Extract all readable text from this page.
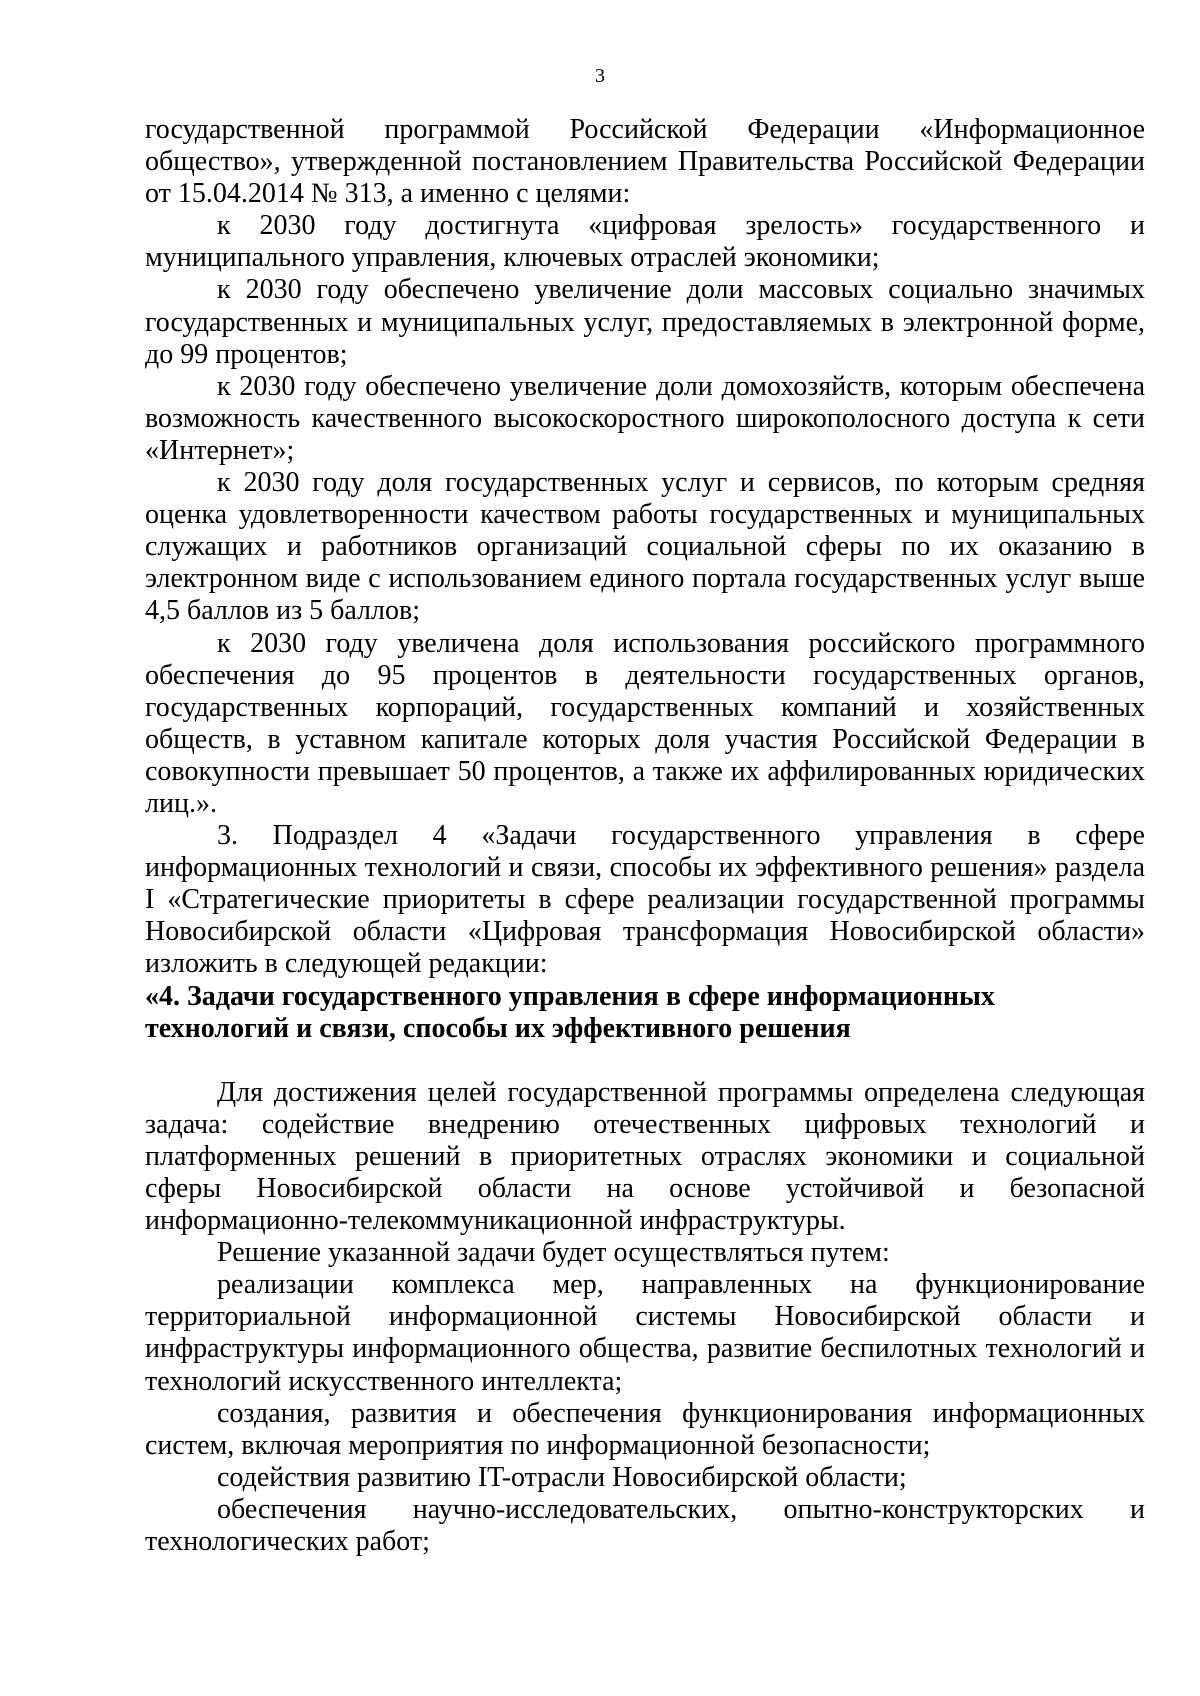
3

государственной программой Российской Федерации «Информационное общество», утвержденной постановлением Правительства Российской Федерации от 15.04.2014 № 313, а именно с целями:

к 2030 году достигнута «цифровая зрелость» государственного и муниципального управления, ключевых отраслей экономики;

к 2030 году обеспечено увеличение доли массовых социально значимых государственных и муниципальных услуг, предоставляемых в электронной форме, до 99 процентов;

к 2030 году обеспечено увеличение доли домохозяйств, которым обеспечена возможность качественного высокоскоростного широкополосного доступа к сети «Интернет»;

к 2030 году доля государственных услуг и сервисов, по которым средняя оценка удовлетворенности качеством работы государственных и муниципальных служащих и работников организаций социальной сферы по их оказанию в электронном виде с использованием единого портала государственных услуг выше 4,5 баллов из 5 баллов;

к 2030 году увеличена доля использования российского программного обеспечения до 95 процентов в деятельности государственных органов, государственных корпораций, государственных компаний и хозяйственных обществ, в уставном капитале которых доля участия Российской Федерации в совокупности превышает 50 процентов, а также их аффилированных юридических лиц.».

3. Подраздел 4 «Задачи государственного управления в сфере информационных технологий и связи, способы их эффективного решения» раздела I «Стратегические приоритеты в сфере реализации государственной программы Новосибирской области «Цифровая трансформация Новосибирской области» изложить в следующей редакции:

«4. Задачи государственного управления в сфере информационных

технологий и связи, способы их эффективного решения

Для достижения целей государственной программы определена следующая задача: содействие внедрению отечественных цифровых технологий и платформенных решений в приоритетных отраслях экономики и социальной сферы Новосибирской области на основе устойчивой и безопасной информационно-телекоммуникационной инфраструктуры.

Решение указанной задачи будет осуществляться путем:

реализации комплекса мер, направленных на функционирование территориальной информационной системы Новосибирской области и инфраструктуры информационного общества, развитие беспилотных технологий и технологий искусственного интеллекта;

создания, развития и обеспечения функционирования информационных систем, включая мероприятия по информационной безопасности;

содействия развитию IT-отрасли Новосибирской области;

обеспечения научно-исследовательских, опытно-конструкторских и технологических работ;
